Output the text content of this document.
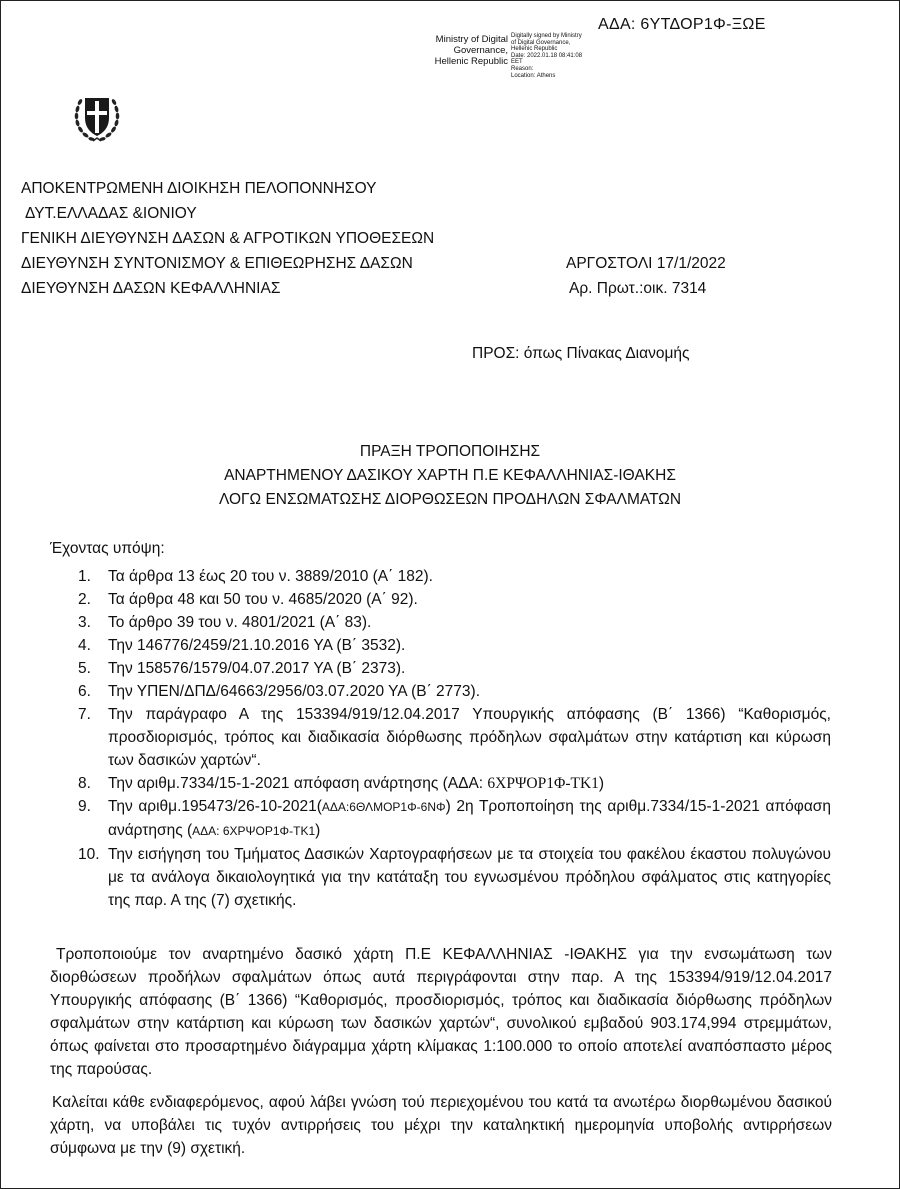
ΑΔΑ: 6ΥΤΔΟΡ1Φ-ΞΩΕ
Ministry of Digital
Governance,
Hellenic Republic
Digitally signed by Ministry
of Digital Governance,
Hellenic Republic
Date: 2022.01.18 08:41:08
EET
Reason:
Location: Athens
ΑΠΟΚΕΝΤΡΩΜΕΝΗ ΔΙΟΙΚΗΣΗ ΠΕΛΟΠΟΝΝΗΣΟΥ
ΔΥΤ.ΕΛΛΑΔΑΣ &ΙΟΝΙΟΥ
ΓΕΝΙΚΗ ΔΙΕΥΘΥΝΣΗ ΔΑΣΩΝ & ΑΓΡΟΤΙΚΩΝ ΥΠΟΘΕΣΕΩΝ
ΔΙΕΥΘΥΝΣΗ ΣΥΝΤΟΝΙΣΜΟΥ & ΕΠΙΘΕΩΡΗΣΗΣ ΔΑΣΩΝ
ΔΙΕΥΘΥΝΣΗ ΔΑΣΩΝ ΚΕΦΑΛΛΗΝΙΑΣ
ΑΡΓΟΣΤΟΛΙ 17/1/2022
Αρ. Πρωτ.:οικ. 7314
ΠΡΟΣ: όπως Πίνακας Διανομής
ΠΡΑΞΗ ΤΡΟΠΟΠΟΙΗΣΗΣ
ΑΝΑΡΤΗΜΕΝΟΥ ΔΑΣΙΚΟΥ ΧΑΡΤΗ Π.Ε ΚΕΦΑΛΛΗΝΙΑΣ-ΙΘΑΚΗΣ
ΛΟΓΩ ΕΝΣΩΜΑΤΩΣΗΣ ΔΙΟΡΘΩΣΕΩΝ ΠΡΟΔΗΛΩΝ ΣΦΑΛΜΑΤΩΝ
Έχοντας υπόψη:
1.	Τα άρθρα 13 έως 20 του ν. 3889/2010 (Α΄ 182).
2.	Τα άρθρα 48 και 50 του ν. 4685/2020 (Α΄ 92).
3.	Το άρθρο 39 του ν. 4801/2021 (Α΄ 83).
4.	Την 146776/2459/21.10.2016 ΥΑ (Β΄ 3532).
5.	Την 158576/1579/04.07.2017 ΥΑ (Β΄ 2373).
6.	Την ΥΠΕΝ/ΔΠΔ/64663/2956/03.07.2020 ΥΑ (Β΄ 2773).
7.	Την παράγραφο Α της 153394/919/12.04.2017 Υπουργικής απόφασης (Β΄ 1366) “Καθορισμός, προσδιορισμός, τρόπος και διαδικασία διόρθωσης πρόδηλων σφαλμάτων στην κατάρτιση και κύρωση των δασικών χαρτών“.
8.	Την αριθμ.7334/15-1-2021 απόφαση ανάρτησης (ΑΔΑ: 6ΧΡΨΟΡ1Φ-ΤΚ1)
9.	Την αριθμ.195473/26-10-2021(ΑΔΑ:6ΘΛΜΟΡ1Φ-6ΝΦ) 2η Τροποποίηση της αριθμ.7334/15-1-2021 απόφαση ανάρτησης (ΑΔΑ: 6ΧΡΨΟΡ1Φ-ΤΚ1)
10. Την εισήγηση του Τμήματος Δασικών Χαρτογραφήσεων με τα στοιχεία του φακέλου έκαστου πολυγώνου με τα ανάλογα δικαιολογητικά για την κατάταξη του εγνωσμένου πρόδηλου σφάλματος στις κατηγορίες της παρ. Α της (7) σχετικής.
Τροποποιούμε τον αναρτημένο δασικό χάρτη Π.Ε ΚΕΦΑΛΛΗΝΙΑΣ -ΙΘΑΚΗΣ για την ενσωμάτωση των διορθώσεων προδήλων σφαλμάτων όπως αυτά περιγράφονται στην παρ. Α της 153394/919/12.04.2017 Υπουργικής απόφασης (Β΄ 1366) “Καθορισμός, προσδιορισμός, τρόπος και διαδικασία διόρθωσης πρόδηλων σφαλμάτων στην κατάρτιση και κύρωση των δασικών χαρτών“, συνολικού εμβαδού 903.174,994 στρεμμάτων, όπως φαίνεται στο προσαρτημένο διάγραμμα χάρτη κλίμακας 1:100.000 το οποίο αποτελεί αναπόσπαστο μέρος της παρούσας.
Καλείται κάθε ενδιαφερόμενος, αφού λάβει γνώση τού περιεχομένου του κατά τα ανωτέρω διορθωμένου δασικού χάρτη, να υποβάλει τις τυχόν αντιρρήσεις του μέχρι την καταληκτική ημερομηνία υποβολής αντιρρήσεων σύμφωνα με την (9) σχετική.
